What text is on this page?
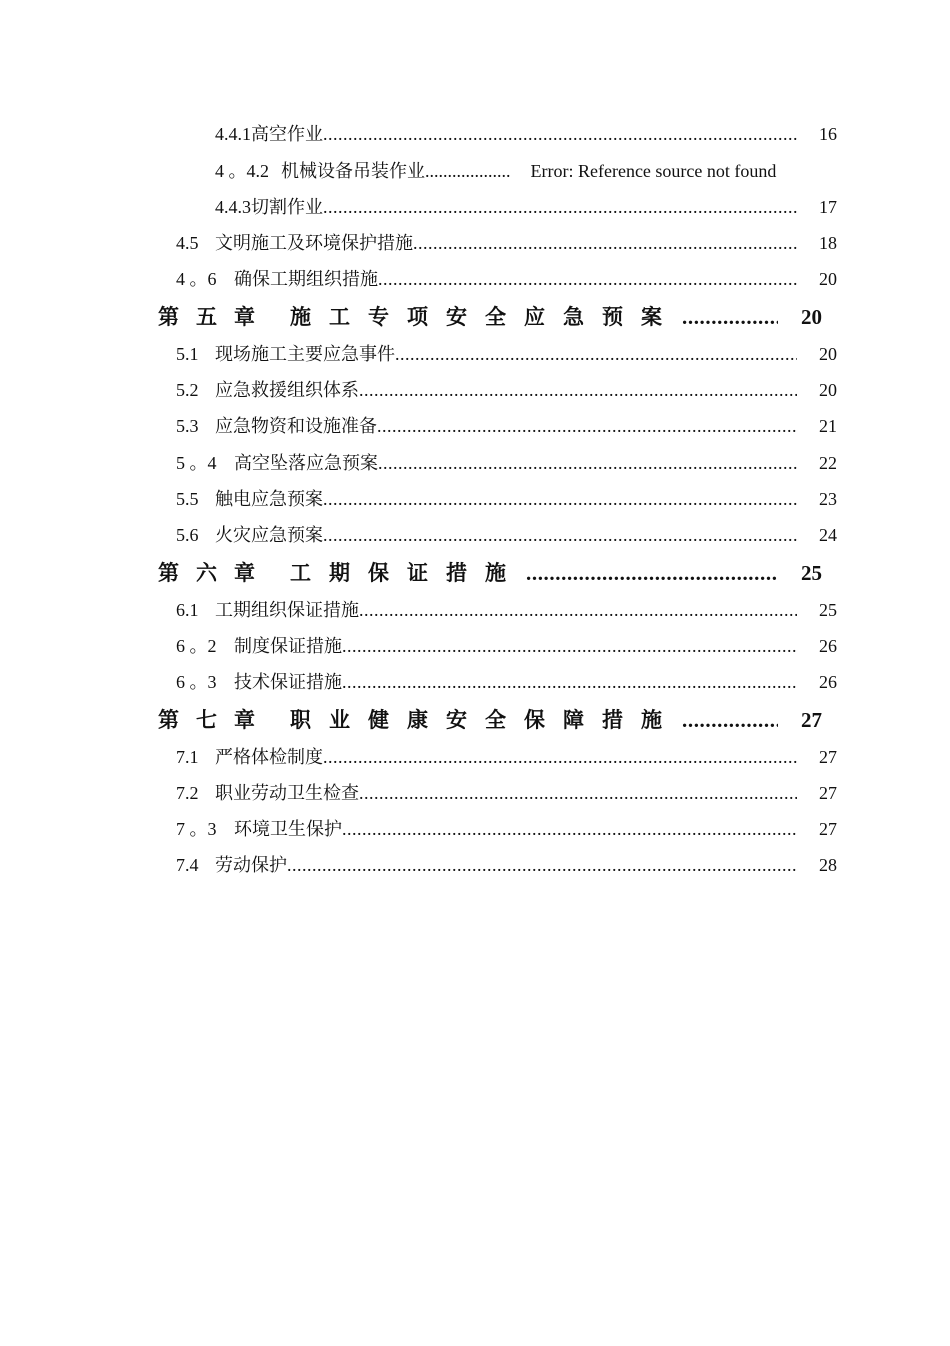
4.4.1 高空作业 .....	16
4 。4.2 机械设备吊装作业 ................... Error: Reference source not found
4.4.3 切割作业 .....	17
4.5 文明施工及环境保护措施 .....	18
4 。6 确保工期组织措施 .....	20
第五章 施工专项安全应急预案 .....	20
5.1 现场施工主要应急事件 .....	20
5.2 应急救援组织体系 .....	20
5.3 应急物资和设施准备 .....	21
5 。4 高空坠落应急预案 .....	22
5.5 触电应急预案 .....	23
5.6 火灾应急预案 .....	24
第六章 工期保证措施 .....	25
6.1 工期组织保证措施 .....	25
6 。2 制度保证措施 .....	26
6 。3 技术保证措施 .....	26
第七章 职业健康安全保障措施 .....	27
7.1 严格体检制度 .....	27
7.2 职业劳动卫生检查 .....	27
7 。3 环境卫生保护 .....	27
7.4 劳动保护 .....	28
